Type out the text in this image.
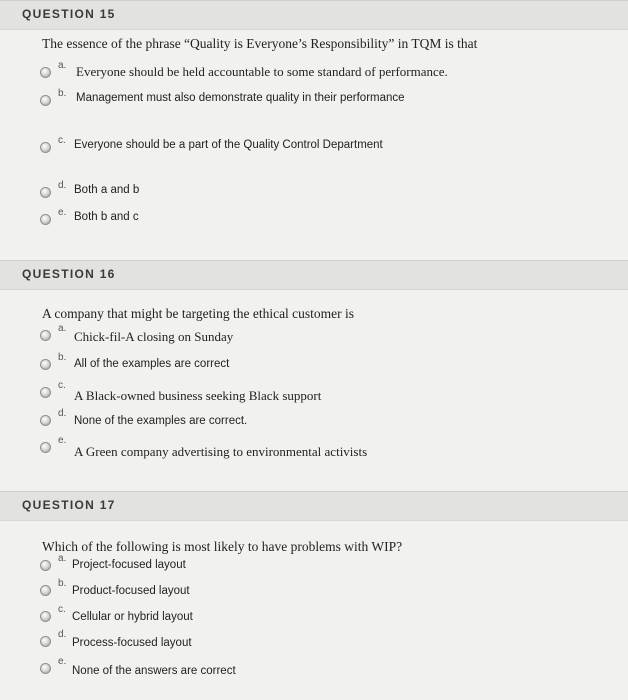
QUESTION 15
The essence of the phrase “Quality is Everyone’s Responsibility” in TQM is that
a. Everyone should be held accountable to some standard of performance.
b. Management must also demonstrate quality in their performance
c. Everyone should be a part of the Quality Control Department
d. Both a and b
e. Both b and c
QUESTION 16
A company that might be targeting the ethical customer is
a.
Chick-fil-A closing on Sunday
b.
All of the examples are correct
c.
A Black-owned business seeking Black support
d.
None of the examples are correct.
e.
A Green company advertising to environmental activists
QUESTION 17
Which of the following is most likely to have problems with WIP?
a.
Project-focused layout
b.
Product-focused layout
c.
Cellular or hybrid layout
d.
Process-focused layout
e.
None of the answers are correct
